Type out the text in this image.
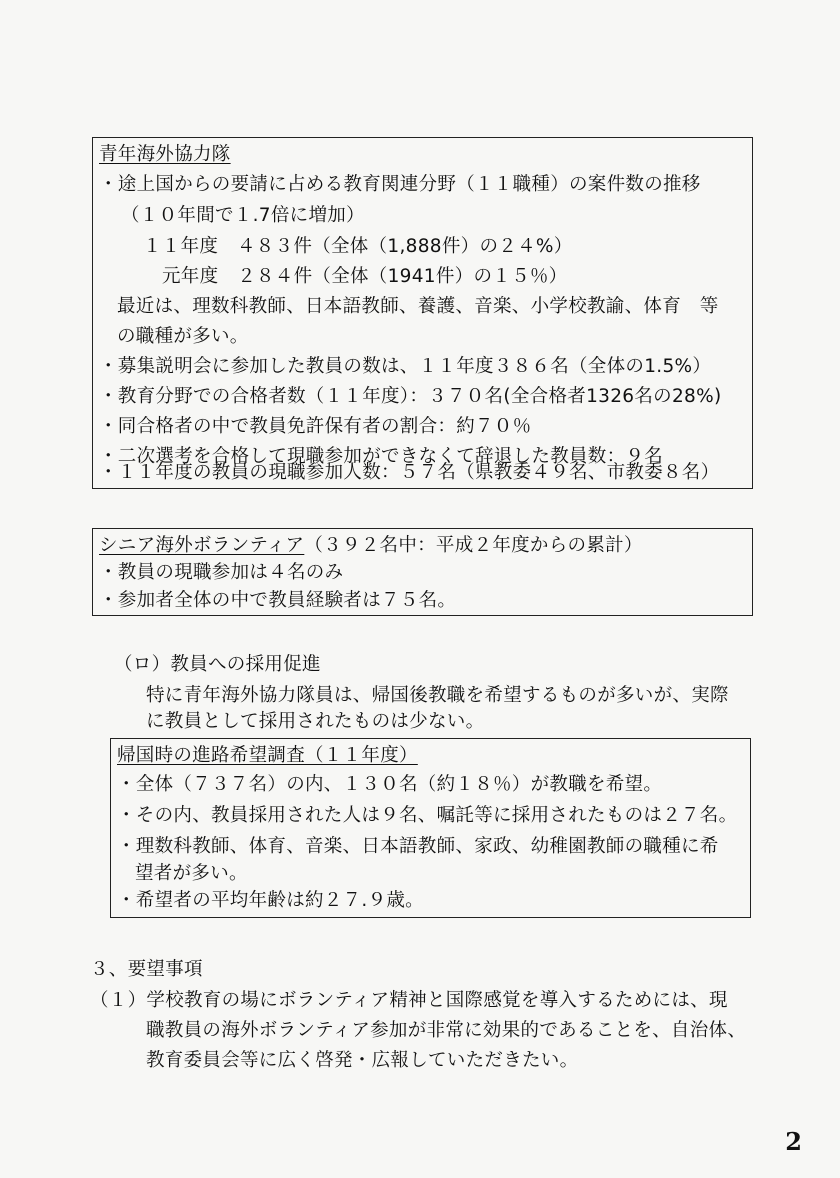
青年海外協力隊
・途上国からの要請に占める教育関連分野（１１職種）の案件数の推移
（１０年間で１.7倍に増加）
１１年度　４８３件（全体（1,888件）の２４%）
元年度　２８４件（全体（1941件）の１５％）
最近は、理数科教師、日本語教師、養護、音楽、小学校教諭、体育　等
の職種が多い。
・募集説明会に参加した教員の数は、１１年度３８６名（全体の1.5%）
・教育分野での合格者数（１１年度）：３７０名(全合格者1326名の28%)
・同合格者の中で教員免許保有者の割合：約７０％
・二次選考を合格して現職参加ができなくて辞退した教員数：９名
・１１年度の教員の現職参加人数：５７名（県教委４９名、市教委８名）
シニア海外ボランティア（３９２名中：平成２年度からの累計）
・教員の現職参加は４名のみ
・参加者全体の中で教員経験者は７５名。
（ロ）教員への採用促進
特に青年海外協力隊員は、帰国後教職を希望するものが多いが、実際
に教員として採用されたものは少ない。
帰国時の進路希望調査（１１年度）
・全体（７３７名）の内、１３０名（約１８％）が教職を希望。
・その内、教員採用された人は９名、嘱託等に採用されたものは２７名。
・理数科教師、体育、音楽、日本語教師、家政、幼稚園教師の職種に希
望者が多い。
・希望者の平均年齢は約２７.９歳。
３、要望事項
（１）学校教育の場にボランティア精神と国際感覚を導入するためには、現
職教員の海外ボランティア参加が非常に効果的であることを、自治体、
教育委員会等に広く啓発・広報していただきたい。
2
